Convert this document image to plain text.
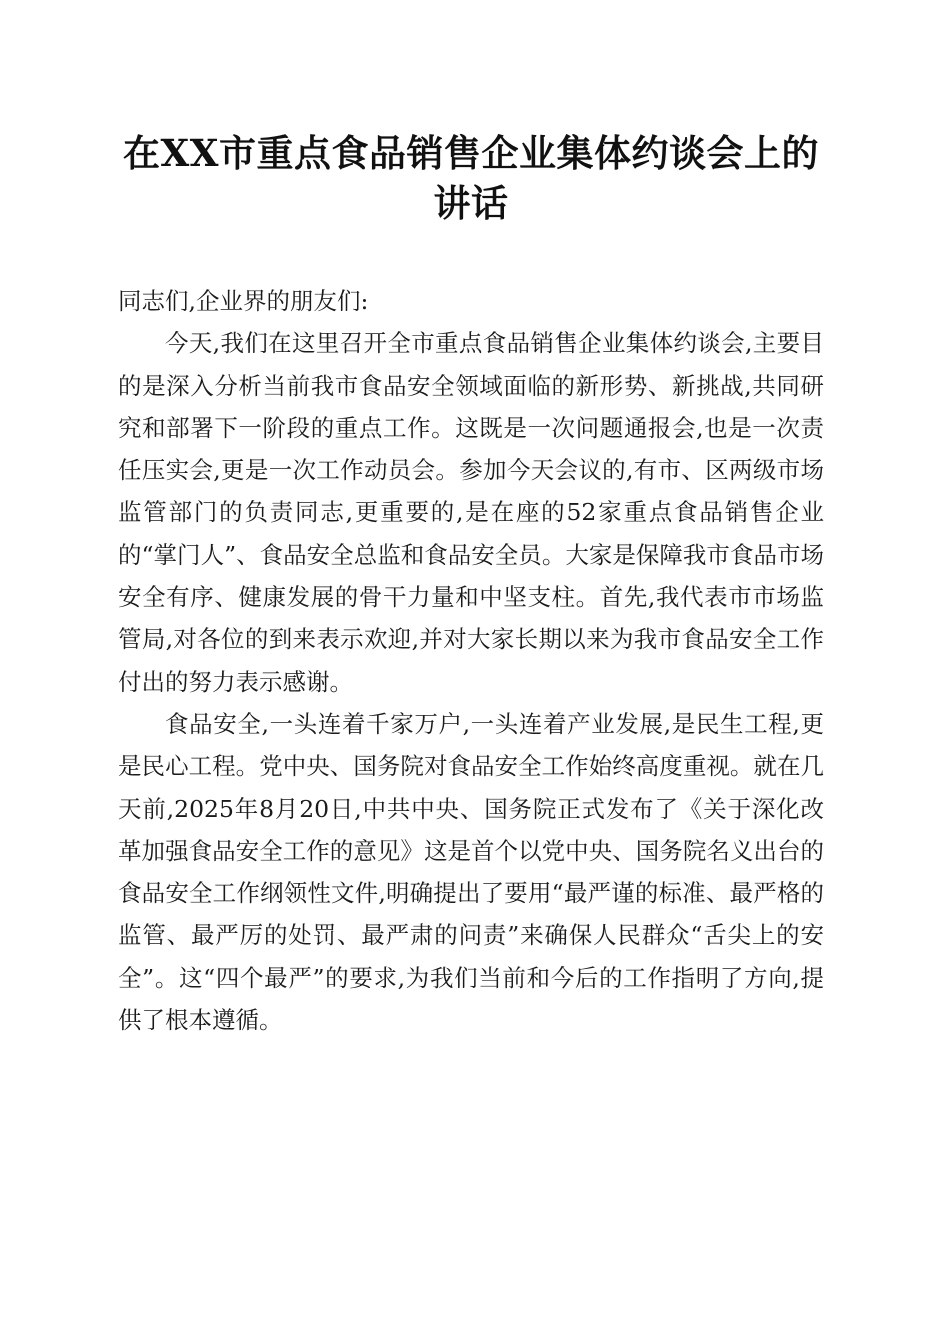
在XX市重点食品销售企业集体约谈会上的讲话

同志们,企业界的朋友们:

今天,我们在这里召开全市重点食品销售企业集体约谈会,主要目的是深入分析当前我市食品安全领域面临的新形势、新挑战,共同研究和部署下一阶段的重点工作。这既是一次问题通报会,也是一次责任压实会,更是一次工作动员会。参加今天会议的,有市、区两级市场监管部门的负责同志,更重要的,是在座的52家重点食品销售企业的“掌门人”、食品安全总监和食品安全员。大家是保障我市食品市场安全有序、健康发展的骨干力量和中坚支柱。首先,我代表市市场监管局,对各位的到来表示欢迎,并对大家长期以来为我市食品安全工作付出的努力表示感谢。

食品安全,一头连着千家万户,一头连着产业发展,是民生工程,更是民心工程。党中央、国务院对食品安全工作始终高度重视。就在几天前,2025年8月20日,中共中央、国务院正式发布了《关于深化改革加强食品安全工作的意见》这是首个以党中央、国务院名义出台的食品安全工作纲领性文件,明确提出了要用“最严谨的标准、最严格的监管、最严厉的处罚、最严肃的问责”来确保人民群众“舌尖上的安全”。这“四个最严”的要求,为我们当前和今后的工作指明了方向,提供了根本遵循。
